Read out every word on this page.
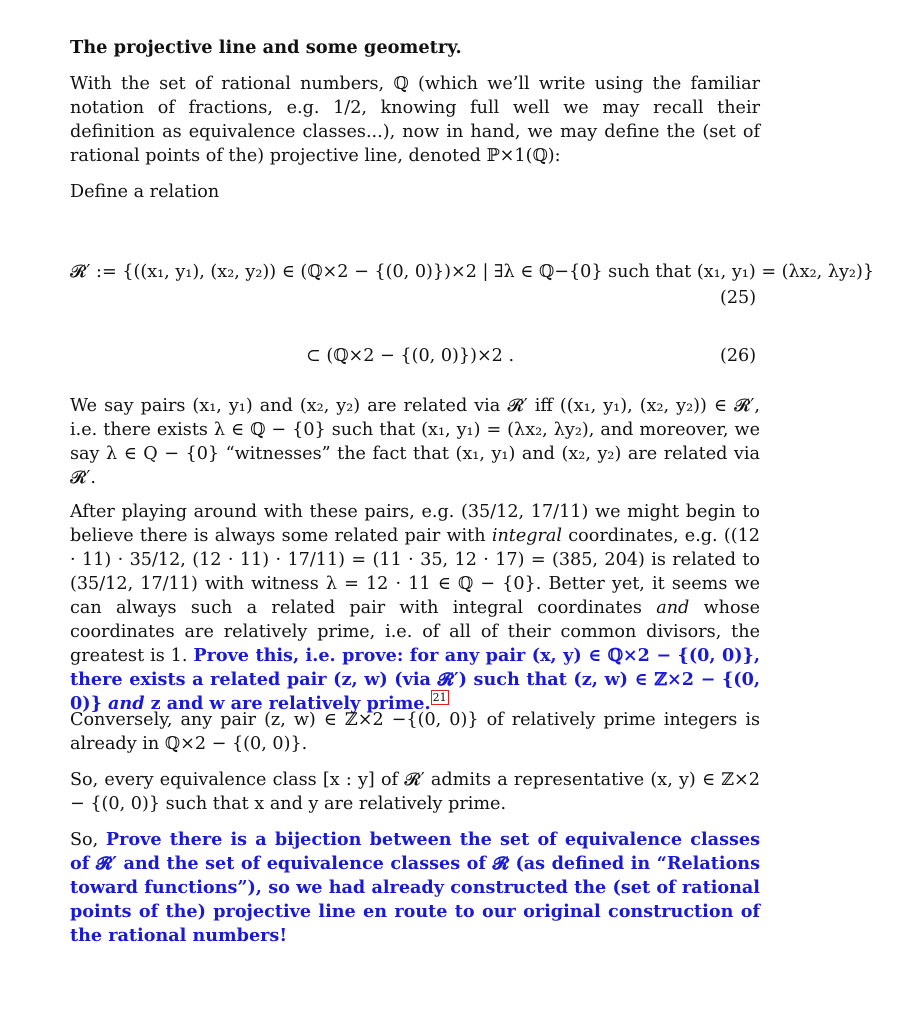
The projective line and some geometry.
With the set of rational numbers, ℚ (which we’ll write using the familiar notation of fractions, e.g. 1/2, knowing full well we may recall their definition as equivalence classes...), now in hand, we may define the (set of rational points of the) projective line, denoted ℙ×1(ℚ):
Define a relation
𝓡′ := {((x₁, y₁), (x₂, y₂)) ∈ (ℚ×2 − {(0, 0)})×2 | ∃λ ∈ ℚ−{0} such that (x₁, y₁) = (λx₂, λy₂)}
(25)
⊂ (ℚ×2 − {(0, 0)})×2 .	(26)
We say pairs (x₁, y₁) and (x₂, y₂) are related via 𝓡′ iff ((x₁, y₁), (x₂, y₂)) ∈ 𝓡′, i.e. there exists λ ∈ ℚ − {0} such that (x₁, y₁) = (λx₂, λy₂), and moreover, we say λ ∈ Q − {0} “witnesses” the fact that (x₁, y₁) and (x₂, y₂) are related via 𝓡′.
After playing around with these pairs, e.g. (35/12, 17/11) we might begin to believe there is always some related pair with integral coordinates, e.g. ((12 · 11) · 35/12, (12 · 11) · 17/11) = (11 · 35, 12 · 17) = (385, 204) is related to (35/12, 17/11) with witness λ = 12 · 11 ∈ ℚ − {0}. Better yet, it seems we can always such a related pair with integral coordinates and whose coordinates are relatively prime, i.e. of all of their common divisors, the greatest is 1. Prove this, i.e. prove: for any pair (x, y) ∈ ℚ×2 − {(0, 0)}, there exists a related pair (z, w) (via 𝓡′) such that (z, w) ∈ ℤ×2 − {(0, 0)} and z and w are relatively prime. $^{21}$
Conversely, any pair (z, w) ∈ ℤ×2 −{(0, 0)} of relatively prime integers is already in ℚ×2 − {(0, 0)}.
So, every equivalence class [x : y] of 𝓡′ admits a representative (x, y) ∈ ℤ×2 − {(0, 0)} such that x and y are relatively prime.
So, Prove there is a bijection between the set of equivalence classes of 𝓡′ and the set of equivalence classes of 𝓡 (as defined in “Relations toward functions”), so we had already constructed the (set of rational points of the) projective line en route to our original construction of the rational numbers!
